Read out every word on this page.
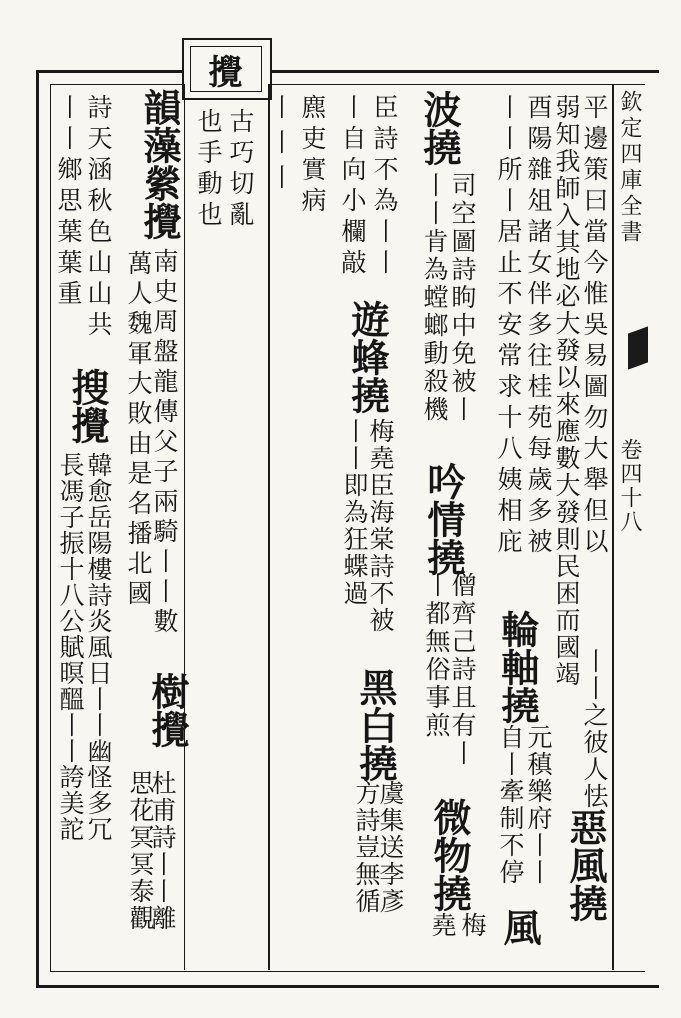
攪
欽定四庫全書
卷四十八
詩天涵秋色山山共
丨丨鄉思葉葉重 韻藻縈攪
南史周盤龍傳父子兩騎丨丨數
萬人魏軍大敗由是名播北國
樹攪
杜甫詩丨丨離
思花冥冥泰觀
搜攪
韓愈岳陽樓詩炎風日丨丨幽怪多冗
長馮子振十八公賦暝醞丨丨誇美詑
古巧切亂
也手動也 丨丨丨 麃吏實病 臣詩不為丨丨
丨自向小欄敲
遊蜂撓
梅堯臣海棠詩不被
丨丨即為狂蝶過
黑白撓
虞集送李彥
方詩豈無循
波撓
司空圖詩眗中免被丨
丨丨肯為螳螂動殺機
吟情撓
僧齊己詩且有丨
丨都無俗事煎
微物撓
堯 梅
平邊策曰當今惟吳易圖勿大舉但以
弱知我師入其地必大發以來應數大發則民困而國竭
酉陽雜俎諸女伴多往桂苑每歲多被
丨丨所丨居止不安常求十八姨相庇
輪軸撓
元稹樂府丨丨
自丨牽制不停 丨丨之彼人怯
惡風撓
風
